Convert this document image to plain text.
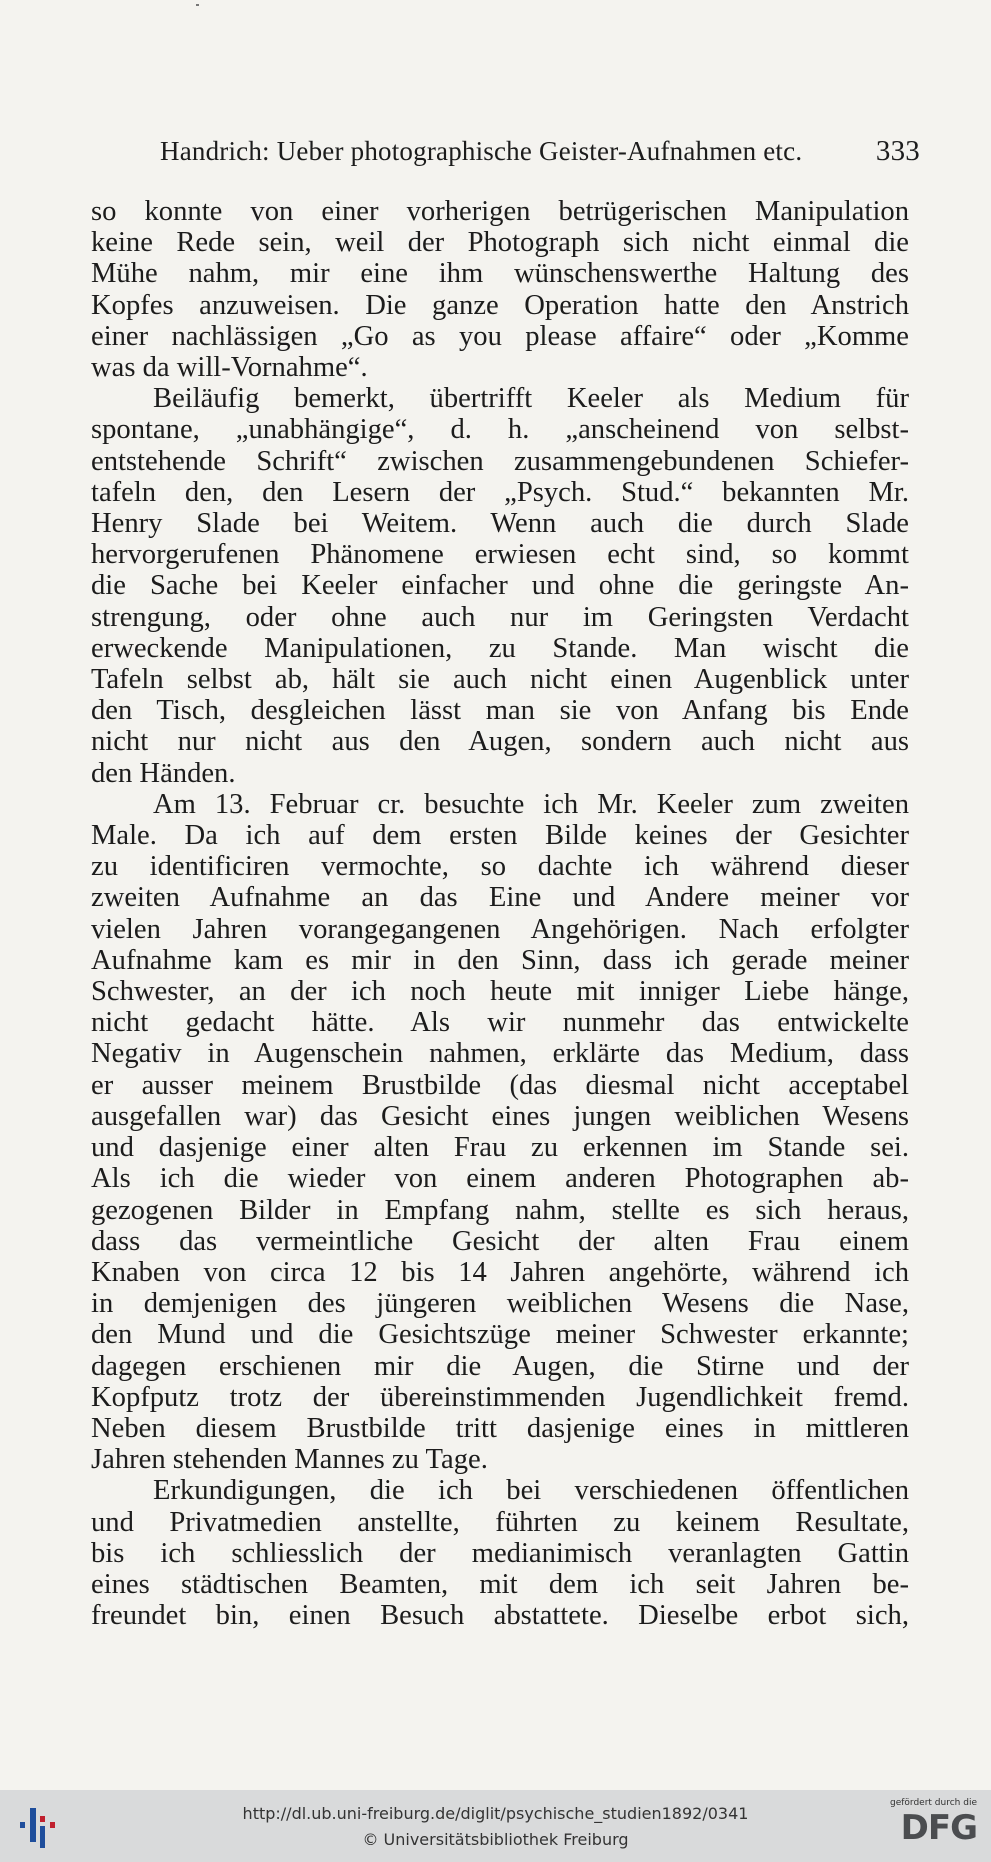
Handrich: Ueber photographische Geister-Aufnahmen etc.	333
so konnte von einer vorherigen betrügerischen Manipulation
keine Rede sein, weil der Photograph sich nicht einmal die
Mühe nahm, mir eine ihm wünschenswerthe Haltung des
Kopfes anzuweisen. Die ganze Operation hatte den Anstrich
einer nachlässigen „Go as you please affaire“ oder „Komme
was da will-Vornahme“.
Beiläufig bemerkt, übertrifft Keeler als Medium für
spontane, „unabhängige“, d. h. „anscheinend von selbst-
entstehende Schrift“ zwischen zusammengebundenen Schiefer-
tafeln den, den Lesern der „Psych. Stud.“ bekannten Mr.
Henry Slade bei Weitem. Wenn auch die durch Slade
hervorgerufenen Phänomene erwiesen echt sind, so kommt
die Sache bei Keeler einfacher und ohne die geringste An-
strengung, oder ohne auch nur im Geringsten Verdacht
erweckende Manipulationen, zu Stande. Man wischt die
Tafeln selbst ab, hält sie auch nicht einen Augenblick unter
den Tisch, desgleichen lässt man sie von Anfang bis Ende
nicht nur nicht aus den Augen, sondern auch nicht aus
den Händen.
Am 13. Februar cr. besuchte ich Mr. Keeler zum zweiten
Male. Da ich auf dem ersten Bilde keines der Gesichter
zu identificiren vermochte, so dachte ich während dieser
zweiten Aufnahme an das Eine und Andere meiner vor
vielen Jahren vorangegangenen Angehörigen. Nach erfolgter
Aufnahme kam es mir in den Sinn, dass ich gerade meiner
Schwester, an der ich noch heute mit inniger Liebe hänge,
nicht gedacht hätte. Als wir nunmehr das entwickelte
Negativ in Augenschein nahmen, erklärte das Medium, dass
er ausser meinem Brustbilde (das diesmal nicht acceptabel
ausgefallen war) das Gesicht eines jungen weiblichen Wesens
und dasjenige einer alten Frau zu erkennen im Stande sei.
Als ich die wieder von einem anderen Photographen ab-
gezogenen Bilder in Empfang nahm, stellte es sich heraus,
dass das vermeintliche Gesicht der alten Frau einem
Knaben von circa 12 bis 14 Jahren angehörte, während ich
in demjenigen des jüngeren weiblichen Wesens die Nase,
den Mund und die Gesichtszüge meiner Schwester erkannte;
dagegen erschienen mir die Augen, die Stirne und der
Kopfputz trotz der übereinstimmenden Jugendlichkeit fremd.
Neben diesem Brustbilde tritt dasjenige eines in mittleren
Jahren stehenden Mannes zu Tage.
Erkundigungen, die ich bei verschiedenen öffentlichen
und Privatmedien anstellte, führten zu keinem Resultate,
bis ich schliesslich der medianimisch veranlagten Gattin
eines städtischen Beamten, mit dem ich seit Jahren be-
freundet bin, einen Besuch abstattete. Dieselbe erbot sich,
http://dl.ub.uni-freiburg.de/diglit/psychische_studien1892/0341
© Universitätsbibliothek Freiburg
gefördert durch die
DFG
